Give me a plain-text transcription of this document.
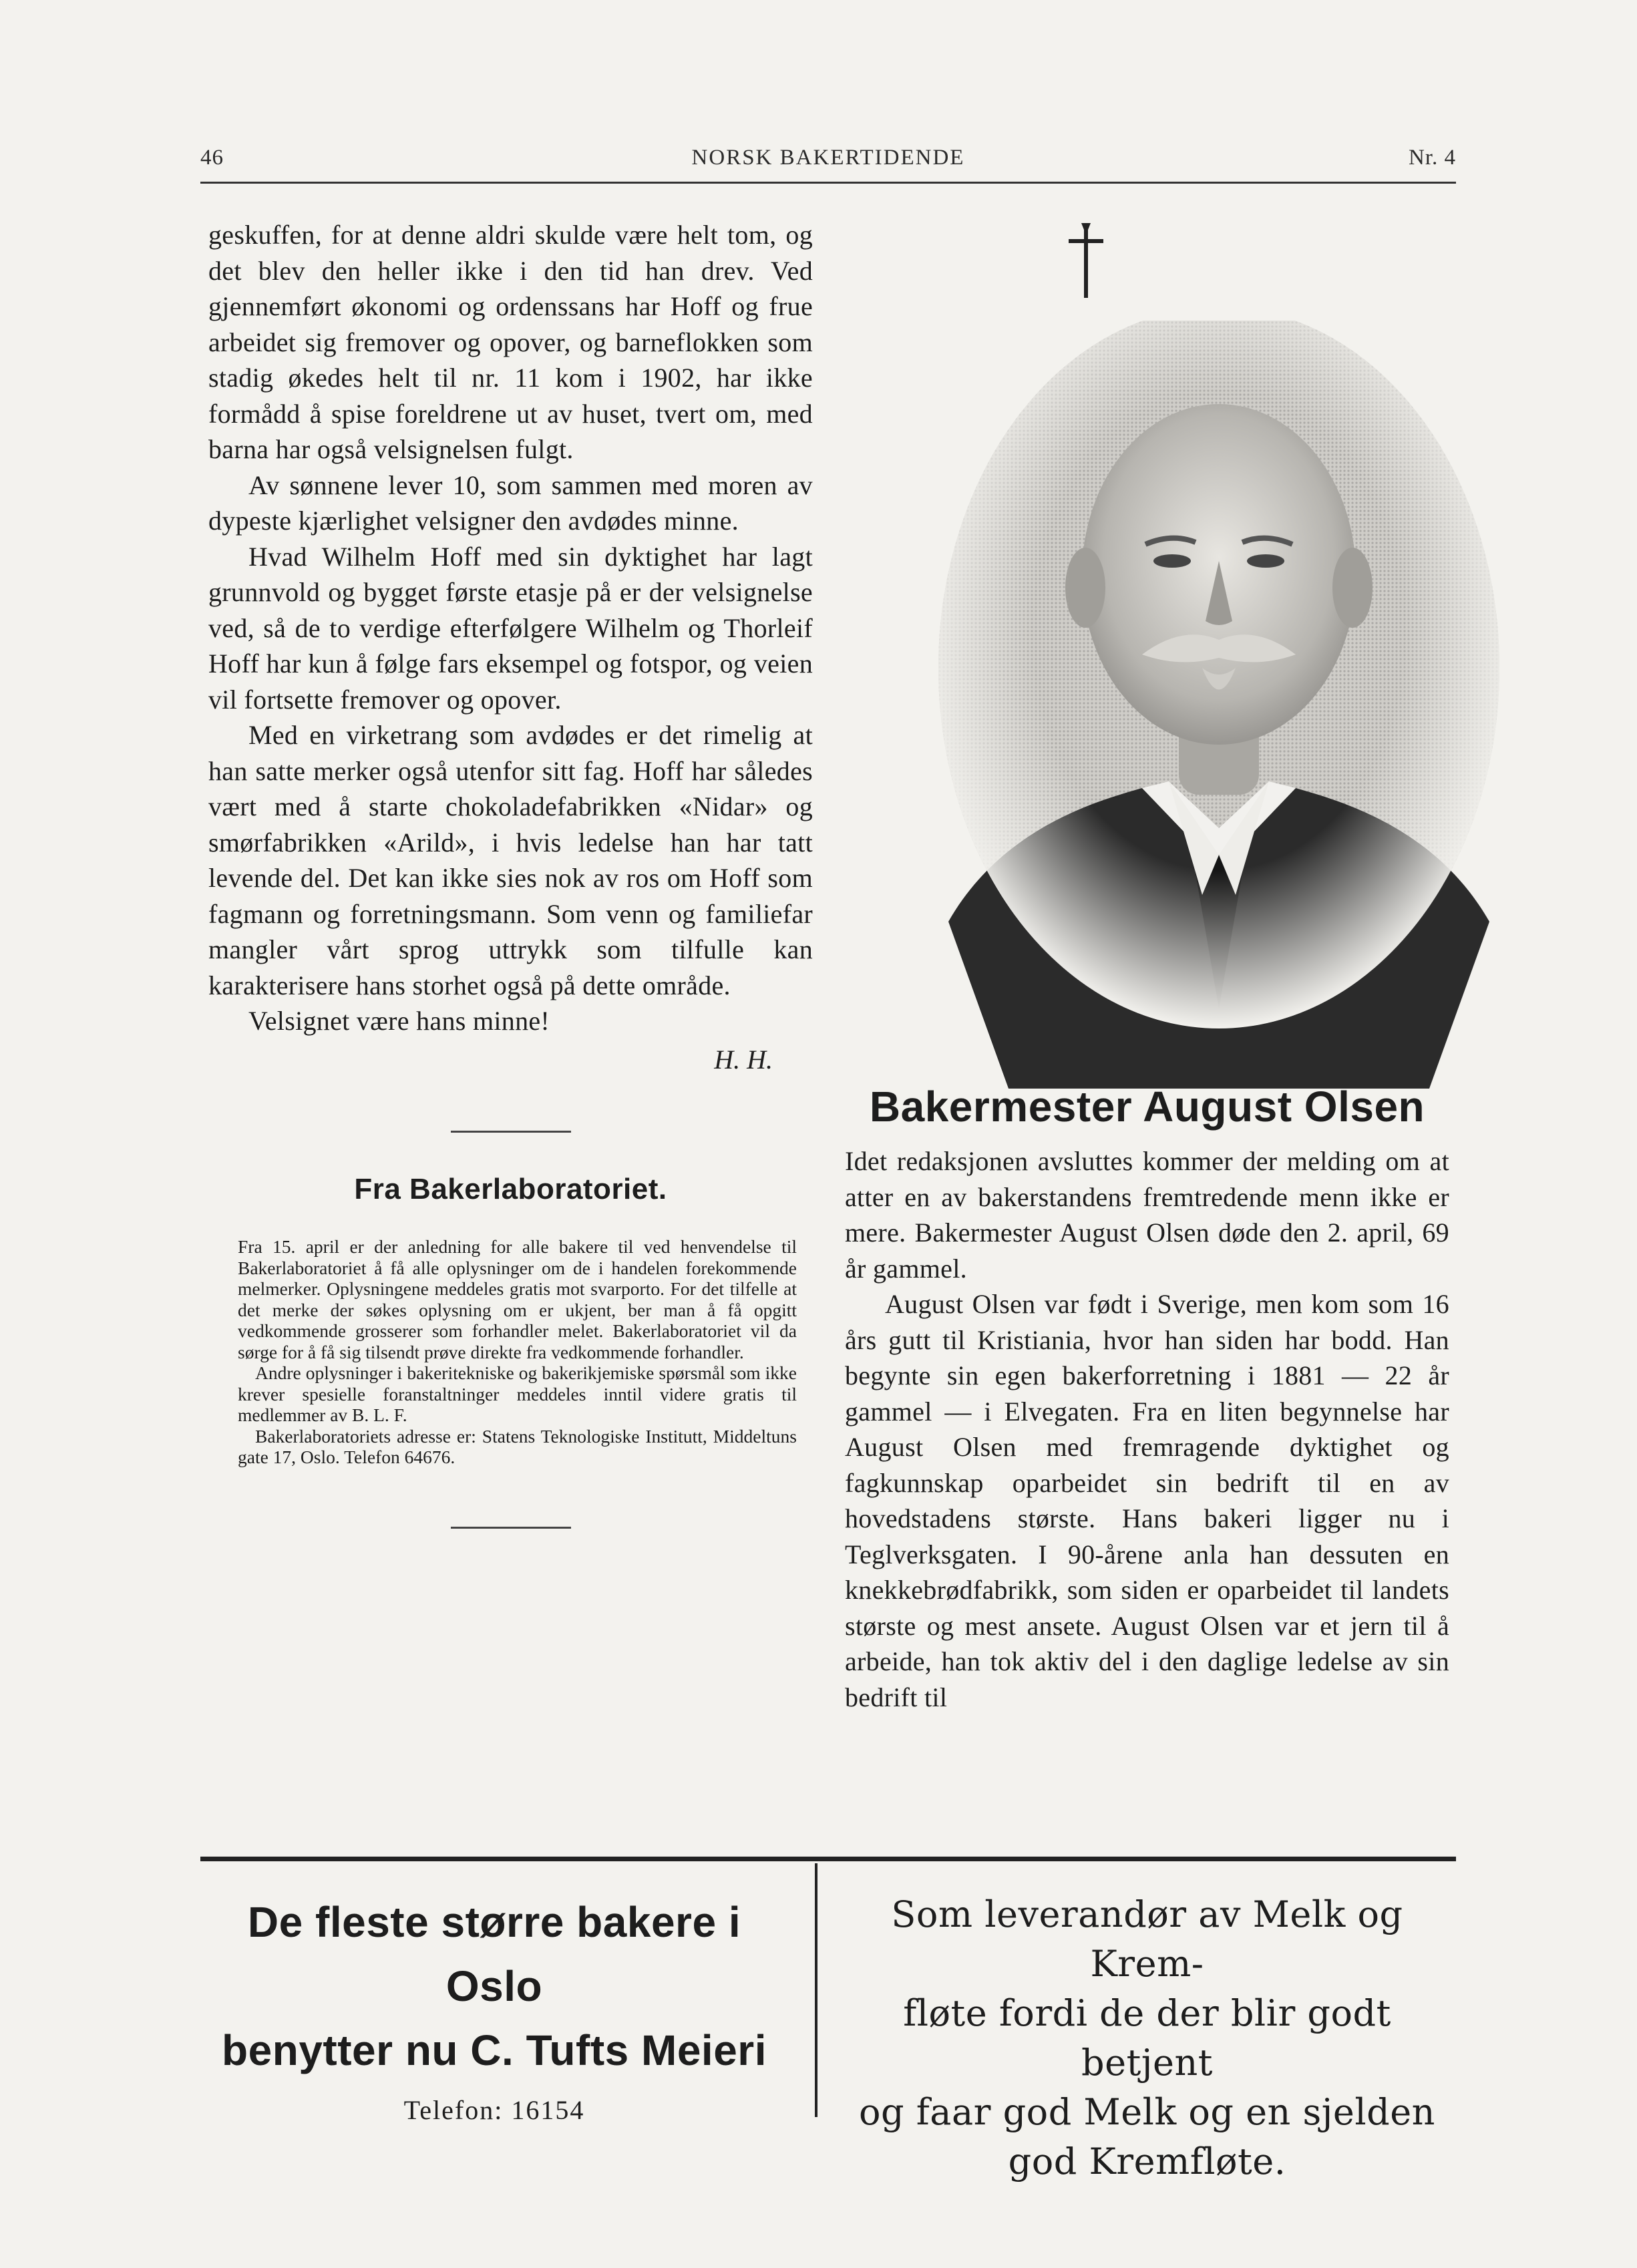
46	NORSK BAKERTIDENDE	Nr. 4

geskuffen, for at denne aldri skulde være helt tom, og det blev den heller ikke i den tid han drev. Ved gjennemført økonomi og ordenssans har Hoff og frue arbeidet sig fremover og opover, og barneflokken som stadig økedes helt til nr. 11 kom i 1902, har ikke formådd å spise foreldrene ut av huset, tvert om, med barna har også velsignelsen fulgt.

Av sønnene lever 10, som sammen med moren av dypeste kjærlighet velsigner den avdødes minne.

Hvad Wilhelm Hoff med sin dyktighet har lagt grunnvold og bygget første etasje på er der velsignelse ved, så de to verdige efterfølgere Wilhelm og Thorleif Hoff har kun å følge fars eksempel og fotspor, og veien vil fortsette fremover og opover.

Med en virketrang som avdødes er det rimelig at han satte merker også utenfor sitt fag. Hoff har således vært med å starte chokoladefabrikken «Nidar» og smørfabrikken «Arild», i hvis ledelse han har tatt levende del. Det kan ikke sies nok av ros om Hoff som fagmann og forretningsmann. Som venn og familiefar mangler vårt sprog uttrykk som tilfulle kan karakterisere hans storhet også på dette område.

Velsignet være hans minne!

H. H.
Fra Bakerlaboratoriet.

Fra 15. april er der anledning for alle bakere til ved henvendelse til Bakerlaboratoriet å få alle oplysninger om de i handelen forekommende melmerker. Oplysningene meddeles gratis mot svarporto. For det tilfelle at det merke der søkes oplysning om er ukjent, ber man å få opgitt vedkommende grosserer som forhandler melet. Bakerlaboratoriet vil da sørge for å få sig tilsendt prøve direkte fra vedkommende forhandler.

Andre oplysninger i bakeritekniske og bakerikjemiske spørsmål som ikke krever spesielle foranstaltninger meddeles inntil videre gratis til medlemmer av B. L. F.

Bakerlaboratoriets adresse er: Statens Teknologiske Institutt, Middeltuns gate 17, Oslo. Telefon 64676.

Bakermester August Olsen

Idet redaksjonen avsluttes kommer der melding om at atter en av bakerstandens fremtredende menn ikke er mere. Bakermester August Olsen døde den 2. april, 69 år gammel.

August Olsen var født i Sverige, men kom som 16 års gutt til Kristiania, hvor han siden har bodd. Han begynte sin egen bakerforretning i 1881 — 22 år gammel — i Elvegaten. Fra en liten begynnelse har August Olsen med fremragende dyktighet og fagkunnskap oparbeidet sin bedrift til en av hovedstadens største. Hans bakeri ligger nu i Teglverksgaten. I 90-årene anla han dessuten en knekkebrødfabrikk, som siden er oparbeidet til landets største og mest ansete. August Olsen var et jern til å arbeide, han tok aktiv del i den daglige ledelse av sin bedrift til

De fleste større bakere i Oslo
benytter nu C. Tufts Meieri
Telefon: 16154

Som leverandør av Melk og Krem-

fløte fordi de der blir godt betjent

og faar god Melk og en sjelden

god Kremfløte.
